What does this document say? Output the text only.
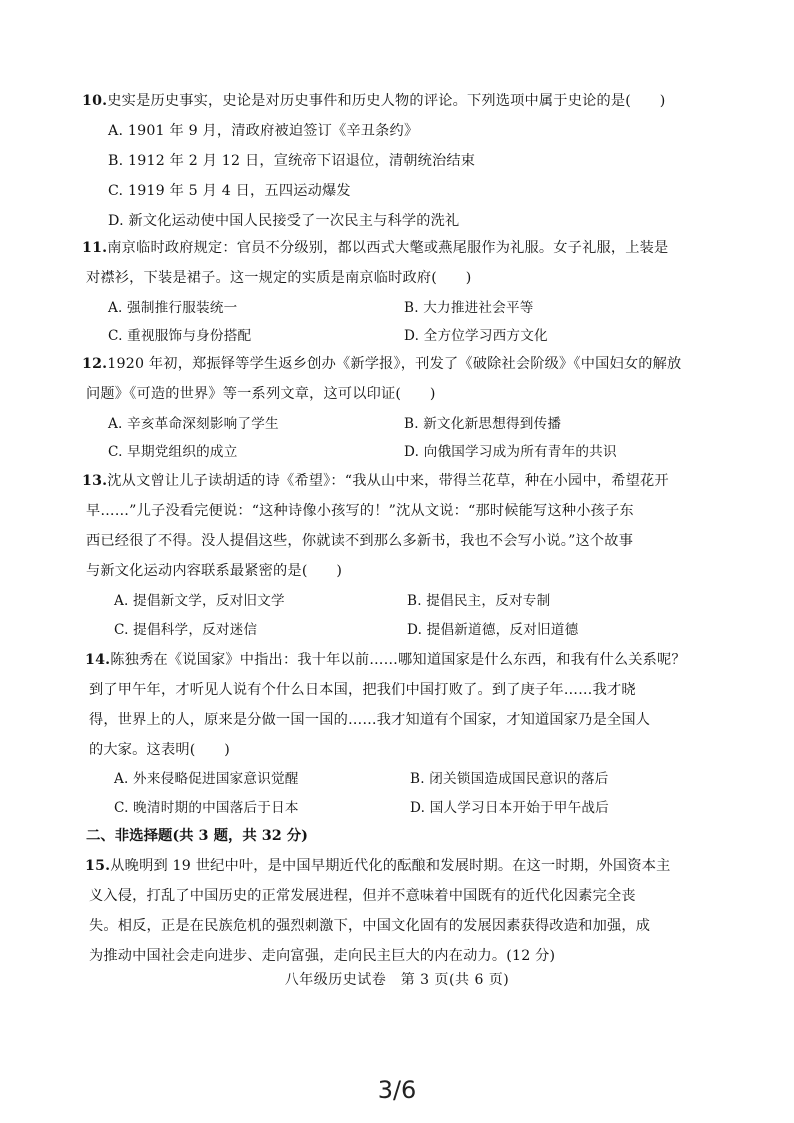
10.史实是历史事实，史论是对历史事件和历史人物的评论。下列选项中属于史论的是(　　)
A. 1901 年 9 月，清政府被迫签订《辛丑条约》
B. 1912 年 2 月 12 日，宣统帝下诏退位，清朝统治结束
C. 1919 年 5 月 4 日，五四运动爆发
D. 新文化运动使中国人民接受了一次民主与科学的洗礼
11.南京临时政府规定：官员不分级别，都以西式大氅或燕尾服作为礼服。女子礼服，上装是
对襟衫，下装是裙子。这一规定的实质是南京临时政府(　　)
A. 强制推行服装统一	B. 大力推进社会平等
C. 重视服饰与身份搭配	D. 全方位学习西方文化
12.1920 年初，郑振铎等学生返乡创办《新学报》，刊发了《破除社会阶级》《中国妇女的解放
问题》《可造的世界》等一系列文章，这可以印证(　　)
A. 辛亥革命深刻影响了学生	B. 新文化新思想得到传播
C. 早期党组织的成立	D. 向俄国学习成为所有青年的共识
13.沈从文曾让儿子读胡适的诗《希望》：“我从山中来，带得兰花草，种在小园中，希望花开
早……”儿子没看完便说：“这种诗像小孩写的！”沈从文说：“那时候能写这种小孩子东
西已经很了不得。没人提倡这些，你就读不到那么多新书，我也不会写小说。”这个故事
与新文化运动内容联系最紧密的是(　　)
A. 提倡新文学，反对旧文学	B. 提倡民主，反对专制
C. 提倡科学，反对迷信	D. 提倡新道德，反对旧道德
14.陈独秀在《说国家》中指出：我十年以前……哪知道国家是什么东西，和我有什么关系呢？
到了甲午年，才听见人说有个什么日本国，把我们中国打败了。到了庚子年……我才晓
得，世界上的人，原来是分做一国一国的……我才知道有个国家，才知道国家乃是全国人
的大家。这表明(　　)
A. 外来侵略促进国家意识觉醒	B. 闭关锁国造成国民意识的落后
C. 晚清时期的中国落后于日本	D. 国人学习日本开始于甲午战后
二、非选择题(共 3 题，共 32 分)
15.从晚明到 19 世纪中叶，是中国早期近代化的酝酿和发展时期。在这一时期，外国资本主
义入侵，打乱了中国历史的正常发展进程，但并不意味着中国既有的近代化因素完全丧
失。相反，正是在民族危机的强烈刺激下，中国文化固有的发展因素获得改造和加强，成
为推动中国社会走向进步、走向富强，走向民主巨大的内在动力。(12 分)
八年级历史试卷　第 3 页(共 6 页)
3/6
